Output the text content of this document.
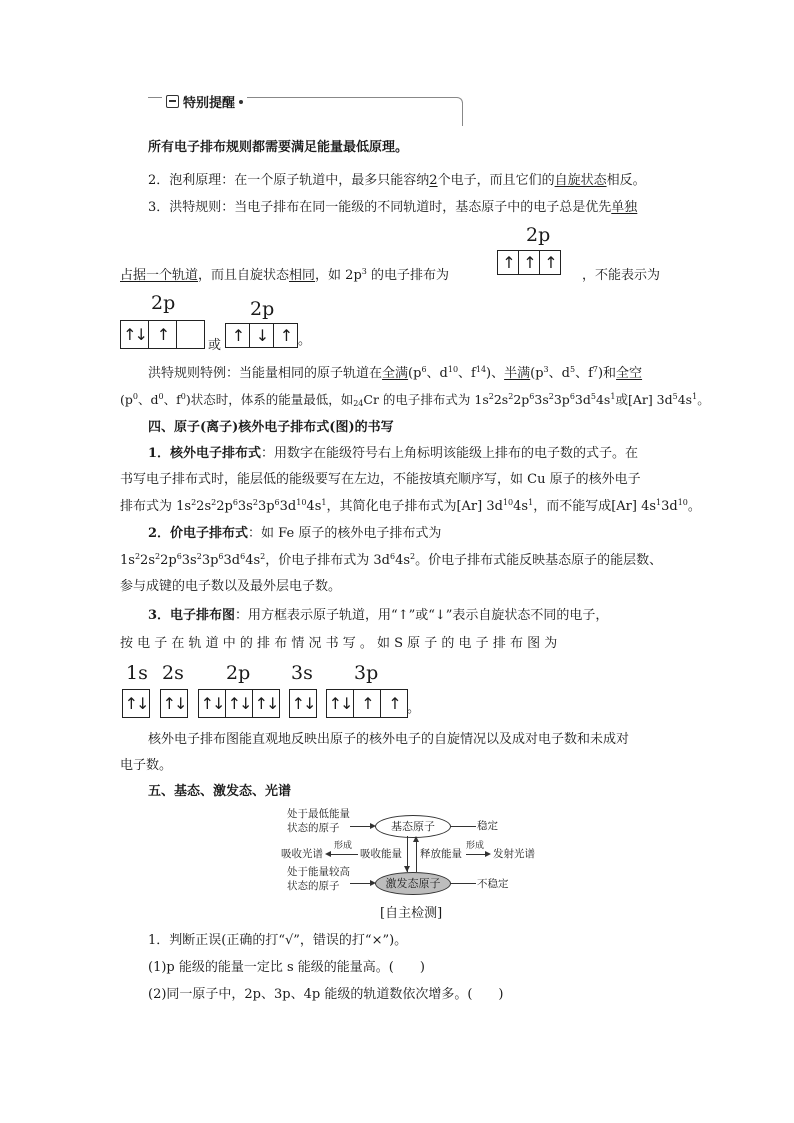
特别提醒
所有电子排布规则都需要满足能量最低原理。
2．泡利原理：在一个原子轨道中，最多只能容纳2个电子，而且它们的自旋状态相反。
3．洪特规则：当电子排布在同一能级的不同轨道时，基态原子中的电子总是优先单独
2p
↑ ↑ ↑
占据一个轨道，而且自旋状态相同，如 $2p^3$ 的电子排布为	，不能表示为
2p
↑↓ ↑
或
2p
↑ ↓ ↑ 。
洪特规则特例：当能量相同的原子轨道在全满($p^6$、$d^{10}$、$f^{14}$)、半满($p^3$、$d^5$、$f^7$)和全空
($p^0$、$d^0$、$f^0$)状态时，体系的能量最低，如$_{24}$Cr 的电子排布式为 $1s^22s^22p^63s^23p^63d^54s^1$或[Ar] $3d^54s^1$。
四、原子(离子)核外电子排布式(图)的书写
1．核外电子排布式：用数字在能级符号右上角标明该能级上排布的电子数的式子。在
书写电子排布式时，能层低的能级要写在左边，不能按填充顺序写，如 Cu 原子的核外电子
排布式为 $1s^22s^22p^63s^23p^63d^{10}4s^1$，其简化电子排布式为[Ar] $3d^{10}4s^1$，而不能写成[Ar] $4s^13d^{10}$。
2．价电子排布式：如 Fe 原子的核外电子排布式为
$1s^22s^22p^63s^23p^63d^64s^2$，价电子排布式为 $3d^64s^2$。价电子排布式能反映基态原子的能层数、
参与成键的电子数以及最外层电子数。
3．电子排布图：用方框表示原子轨道，用“↑”或“↓”表示自旋状态不同的电子，
按 电 子 在 轨 道 中 的 排 布 情 况 书 写 。 如 S 原 子 的 电 子 排 布 图 为
1s 2s 2p 3s 3p
↑↓ ↑↓ ↑↓ ↑↓ ↑↓ ↑↓ ↑↓ ↑ ↑ 。
核外电子排布图能直观地反映出原子的核外电子的自旋情况以及成对电子数和未成对
电子数。
五、基态、激发态、光谱
处于最低能量
状态的原子	基态原子	稳定
吸收光谱
形成
吸收能量 释放能量
形成
发射光谱
处于能量较高
状态的原子	激发态原子	不稳定
[自主检测]
1．判断正误(正确的打“√”，错误的打“×”)。
(1)p 能级的能量一定比 s 能级的能量高。(　　)
(2)同一原子中，2p、3p、4p 能级的轨道数依次增多。(　　)
